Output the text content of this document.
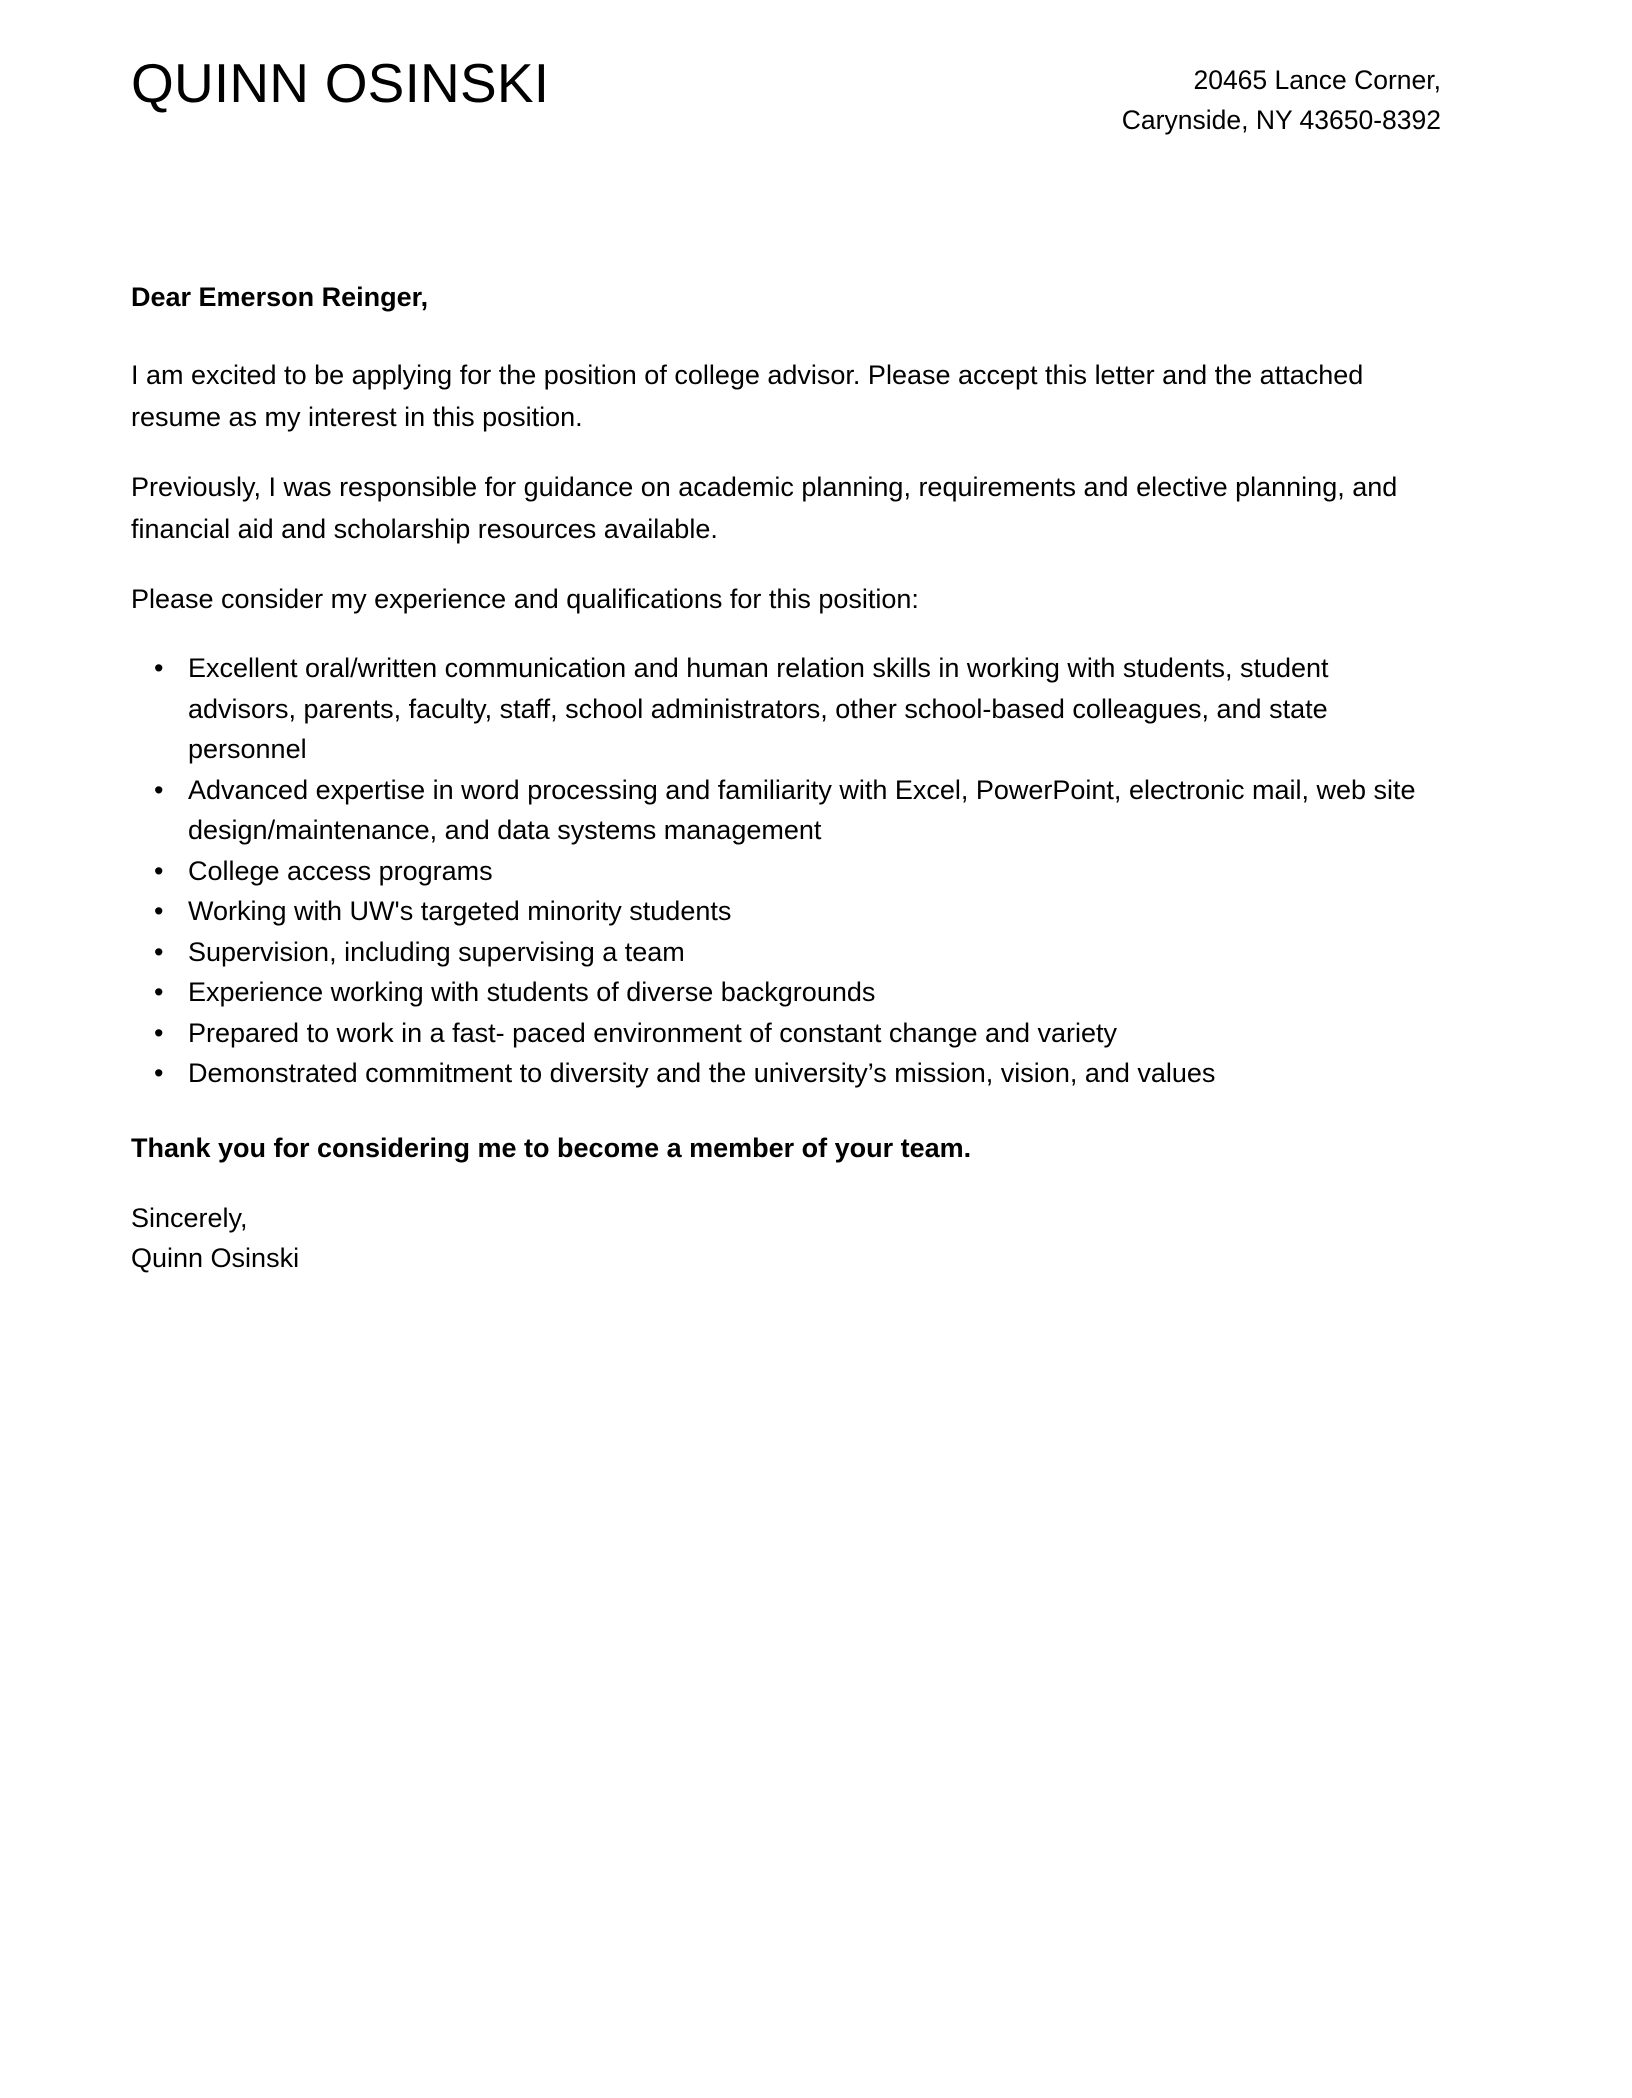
QUINN OSINSKI	20465 Lance Corner,
Carynside, NY 43650-8392

Dear Emerson Reinger,

I am excited to be applying for the position of college advisor. Please accept this letter and the attached resume as my interest in this position.

Previously, I was responsible for guidance on academic planning, requirements and elective planning, and financial aid and scholarship resources available.

Please consider my experience and qualifications for this position:

• Excellent oral/written communication and human relation skills in working with students, student advisors, parents, faculty, staff, school administrators, other school-based colleagues, and state personnel
• Advanced expertise in word processing and familiarity with Excel, PowerPoint, electronic mail, web site design/maintenance, and data systems management
• College access programs
• Working with UW's targeted minority students
• Supervision, including supervising a team
• Experience working with students of diverse backgrounds
• Prepared to work in a fast- paced environment of constant change and variety
• Demonstrated commitment to diversity and the university’s mission, vision, and values

Thank you for considering me to become a member of your team.

Sincerely,
Quinn Osinski
